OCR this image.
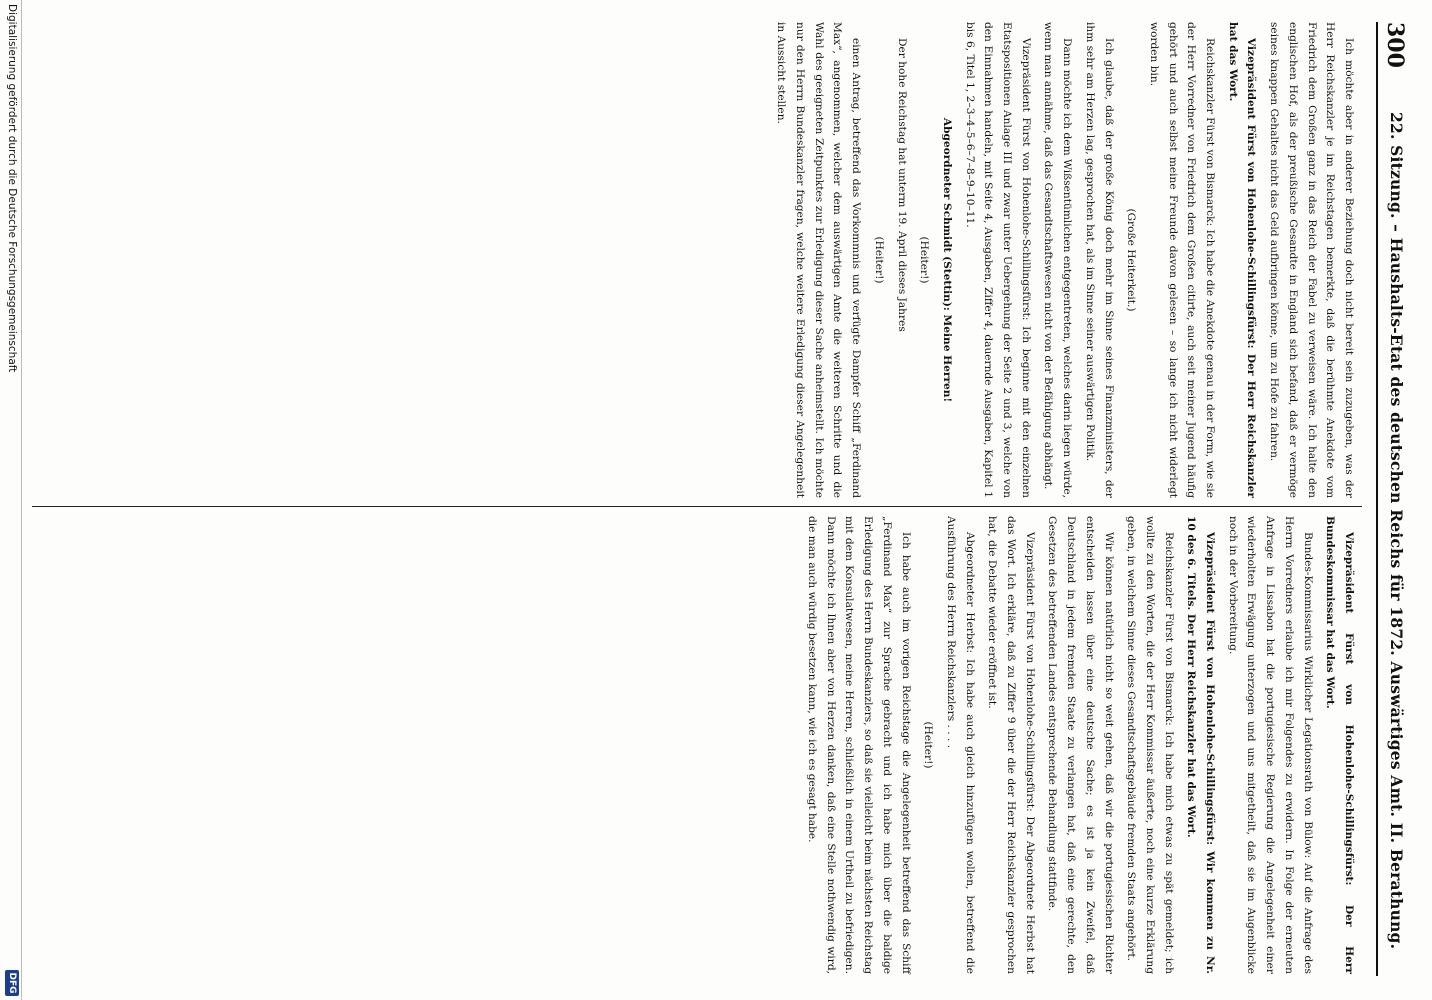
300
22. Sitzung. – Haushalts-Etat des deutschen Reichs für 1872. Auswärtiges Amt. II. Berathung.

Ich möchte aber in anderer Beziehung doch nicht bereit sein zuzugeben, was der Herr Reichskanzler je im Reichstagen bemerkte, daß die berühmte Anekdote vom Friedrich dem Großen ganz in das Reich der Fabel zu verweisen wäre. Ich halte den englischen Hof, als der preußische Gesandte in England sich befand, daß er vermöge seines knappen Gehaltes nicht das Geld aufbringen könne, um zu Hofe zu fahren.

Vizepräsident Fürst von Hohenlohe-Schillingsfürst: Der Herr Reichskanzler hat das Wort.

Reichskanzler Fürst von Bismarck: Ich habe die Anekdote genau in der Form, wie sie der Herr Vorredner von Friedrich dem Großen citirte, auch seit meiner Jugend häufig gehört und auch selbst meine Freunde davon gelesen – so lange ich nicht widerlegt worden bin.

(Große Heiterkeit.)

Ich glaube, daß der große König doch mehr im Sinne seines Finanzministers, der ihm sehr am Herzen lag, gesprochen hat, als im Sinne seiner auswärtigen Politik.

Dann möchte ich dem Wißsentümlichen entgegentreten, welches darin liegen würde, wenn man annähme, daß das Gesandtschaftswesen nicht von der Befähigung abhängt.

Vizepräsident Fürst von Hohenlohe-Schillingsfürst: Ich beginne mit den einzelnen Etatspositionen Anlage III und zwar unter Uebergehung der Seite 2 und 3, welche von den Einnahmen handeln, mit Seite 4, Ausgaben, Ziffer 4, dauernde Ausgaben, Kapitel 1 bis 6, Titel 1, 2–3–4–5–6–7–8–9–10–11.

Abgeordneter Schmidt (Stettin): Meine Herren!

(Heiter!)

Der hohe Reichstag hat unterm 19. April dieses Jahres

(Heiter!)

einen Antrag, betreffend das Vorkommnis und verfügte Dampfer Schiff „Ferdinand Max“, angenommen, welcher dem auswärtigen Amte die weiteren Schritte und die Wahl des geeigneten Zeitpunktes zur Erledigung dieser Sache anheimstellt. Ich möchte nur den Herrn Bundeskanzler fragen, welche weitere Erledigung dieser Angelegenheit in Aussicht stellen.

Vizepräsident Fürst von Hohenlohe-Schillingsfürst: Der Herr Bundeskommissar hat das Wort.

Bundes-Kommissarius Wirklicher Legationsrath von Bülow: Auf die Anfrage des Herrn Vorredners erlaube ich mir Folgendes zu erwidern. In Folge der erneuten Anfrage in Lissabon hat die portugiesische Regierung die Angelegenheit einer wiederholten Erwägung unterzogen und uns mitgetheilt, daß sie im Augenblicke noch in der Vorbereitung.

Vizepräsident Fürst von Hohenlohe-Schillingsfürst: Wir kommen zu Nr. 10 des 6. Titels. Der Herr Reichskanzler hat das Wort.

Reichskanzler Fürst von Bismarck: Ich habe mich etwas zu spät gemeldet; ich wollte zu den Worten, die der Herr Kommissar äußerte, noch eine kurze Erklärung geben, in welchem Sinne dieses Gesandtschaftsgebäude fremden Staats angehört.

Wir können natürlich nicht so weit gehen, daß wir die portugiesischen Richter entscheiden lassen über eine deutsche Sache; es ist ja kein Zweifel, daß Deutschland in jedem fremden Staate zu verlangen hat, daß eine gerechte, den Gesetzen des betreffenden Landes entsprechende Behandlung stattfinde.

Vizepräsident Fürst von Hohenlohe-Schillingsfürst: Der Abgeordnete Herbst hat das Wort. Ich erkläre, daß zu Ziffer 9 über die der Herr Reichskanzler gesprochen hat, die Debatte wieder eröffnet ist.

Abgeordneter Herbst: Ich habe auch gleich hinzufügen wollen, betreffend die Ausführung des Herrn Reichskanzlers . . . .

(Heiter!)

Ich habe auch im vorigen Reichstage die Angelegenheit betreffend das Schiff „Ferdinand Max“ zur Sprache gebracht und ich habe mich über die baldige Erledigung des Herrn Bundeskanzlers, so daß sie vielleicht beim nächsten Reichstag mit dem Konsulatwesen, meine Herren, schließlich in einem Urtheil zu befriedigen. Dann möchte ich Ihnen aber von Herzen danken, daß eine Stelle nothwendig wird, die man auch würdig besetzen kann, wie ich es gesagt habe.

Digitalisierung gefördert durch die Deutsche Forschungsgemeinschaft
DFG
